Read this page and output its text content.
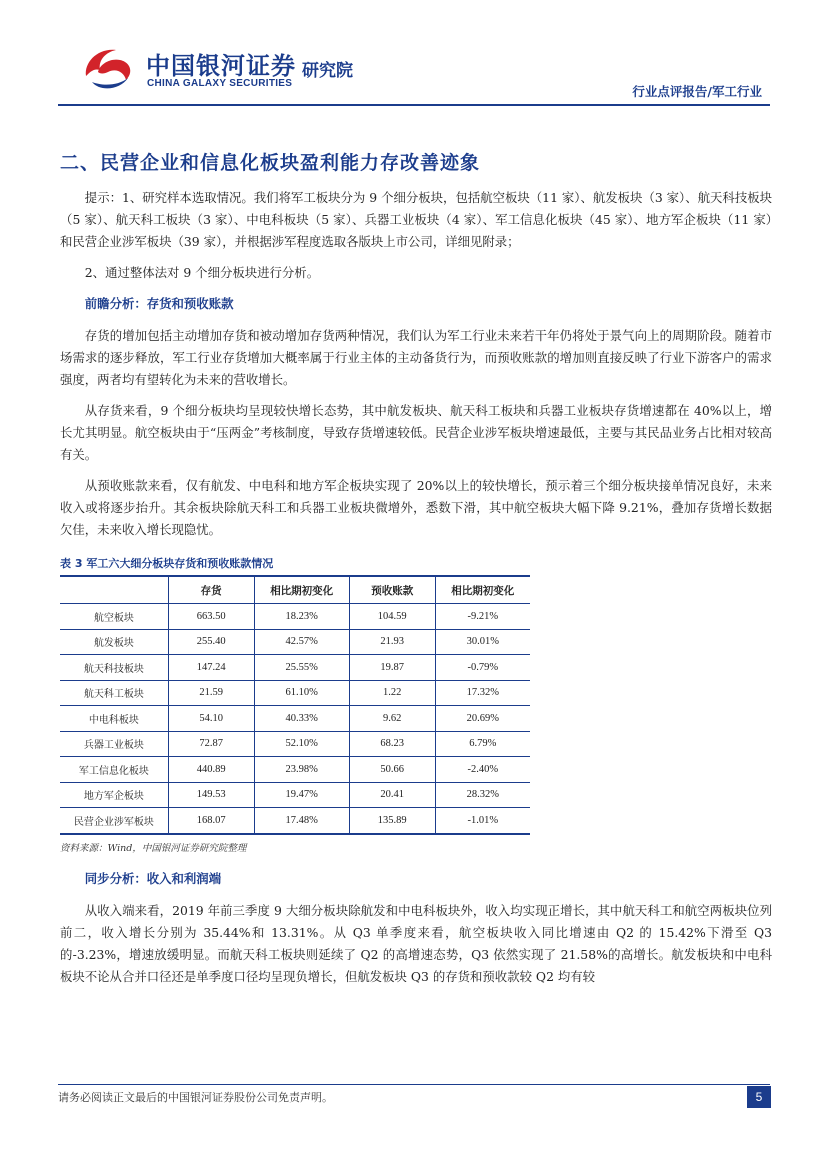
中国银河证券 研究院
CHINA GALAXY SECURITIES
行业点评报告/军工行业
二、民营企业和信息化板块盈利能力存改善迹象

提示：1、研究样本选取情况。我们将军工板块分为 9 个细分板块，包括航空板块（11 家）、航发板块（3 家）、航天科技板块（5 家）、航天科工板块（3 家）、中电科板块（5 家）、兵器工业板块（4 家）、军工信息化板块（45 家）、地方军企板块（11 家）和民营企业涉军板块（39 家），并根据涉军程度选取各版块上市公司，详细见附录；

2、通过整体法对 9 个细分板块进行分析。

前瞻分析：存货和预收账款

存货的增加包括主动增加存货和被动增加存货两种情况，我们认为军工行业未来若干年仍将处于景气向上的周期阶段。随着市场需求的逐步释放，军工行业存货增加大概率属于行业主体的主动备货行为，而预收账款的增加则直接反映了行业下游客户的需求强度，两者均有望转化为未来的营收增长。

从存货来看，9 个细分板块均呈现较快增长态势，其中航发板块、航天科工板块和兵器工业板块存货增速都在 40%以上，增长尤其明显。航空板块由于“压两金”考核制度，导致存货增速较低。民营企业涉军板块增速最低，主要与其民品业务占比相对较高有关。

从预收账款来看，仅有航发、中电科和地方军企板块实现了 20%以上的较快增长，预示着三个细分板块接单情况良好，未来收入或将逐步抬升。其余板块除航天科工和兵器工业板块微增外，悉数下滑，其中航空板块大幅下降 9.21%，叠加存货增长数据欠佳，未来收入增长现隐忧。

表 3 军工六大细分板块存货和预收账款情况
	存货	相比期初变化	预收账款	相比期初变化
航空板块	663.50	18.23%	104.59	-9.21%
航发板块	255.40	42.57%	21.93	30.01%
航天科技板块	147.24	25.55%	19.87	-0.79%
航天科工板块	21.59	61.10%	1.22	17.32%
中电科板块	54.10	40.33%	9.62	20.69%
兵器工业板块	72.87	52.10%	68.23	6.79%
军工信息化板块	440.89	23.98%	50.66	-2.40%
地方军企板块	149.53	19.47%	20.41	28.32%
民营企业涉军板块	168.07	17.48%	135.89	-1.01%
资料来源：Wind，中国银河证券研究院整理
同步分析：收入和利润端

从收入端来看，2019 年前三季度 9 大细分板块除航发和中电科板块外，收入均实现正增长，其中航天科工和航空两板块位列前二，收入增长分别为 35.44%和 13.31%。从 Q3 单季度来看，航空板块收入同比增速由 Q2 的 15.42%下滑至 Q3 的-3.23%，增速放缓明显。而航天科工板块则延续了 Q2 的高增速态势，Q3 依然实现了 21.58%的高增长。航发板块和中电科板块不论从合并口径还是单季度口径均呈现负增长，但航发板块 Q3 的存货和预收款较 Q2 均有较

请务必阅读正文最后的中国银河证券股份公司免责声明。	5
